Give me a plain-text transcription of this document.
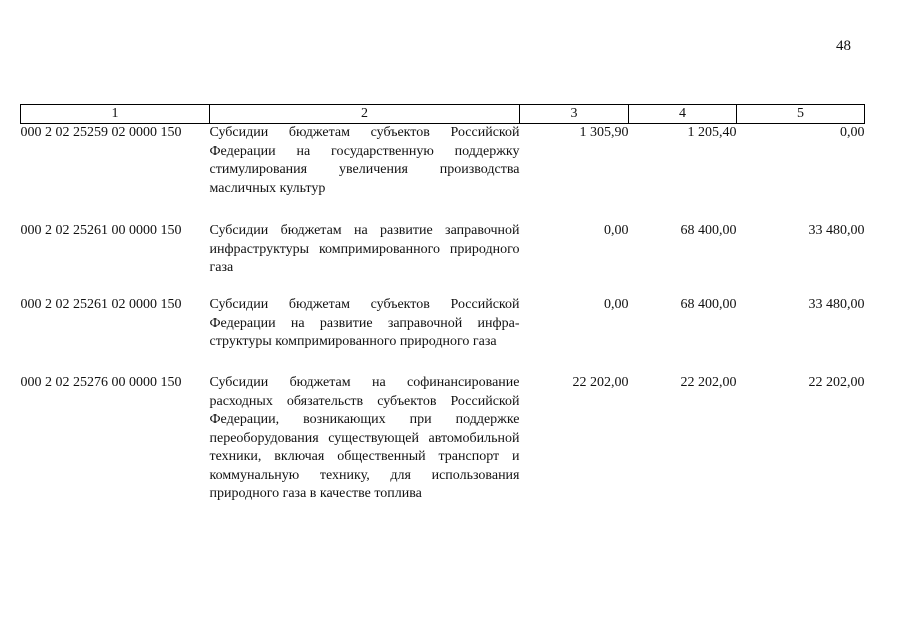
48
1	2	3	4	5
000 2 02 25259 02 0000 150	Субсидии бюджетам субъектов Российской Федерации на государственную поддержку стимулирования увеличения производства масличных культур	1 305,90	1 205,40	0,00
000 2 02 25261 00 0000 150	Субсидии бюджетам на развитие заправочной инфраструктуры компримированного природного газа	0,00	68 400,00	33 480,00
000 2 02 25261 02 0000 150	Субсидии бюджетам субъектов Российской Федерации на развитие заправочной инфраструктуры компримированного природного газа	0,00	68 400,00	33 480,00
000 2 02 25276 00 0000 150	Субсидии бюджетам на софинансирование расходных обязательств субъектов Российской Федерации, возникающих при поддержке переоборудования существующей автомобильной техники, включая общественный транспорт и коммунальную технику, для использования природного газа в качестве топлива	22 202,00	22 202,00	22 202,00
